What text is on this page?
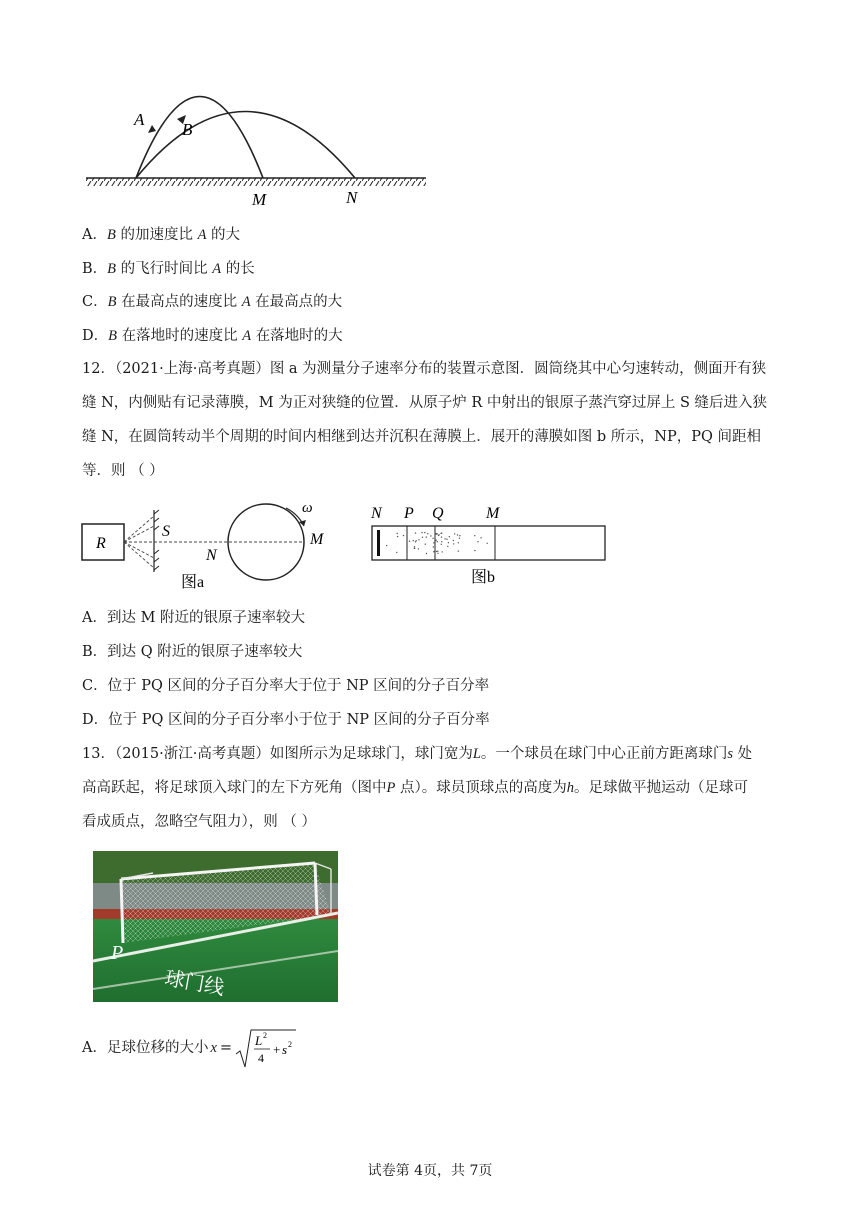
A
B
M	N
A．B 的加速度比 A 的大
B．B 的飞行时间比 A 的长
C．B 在最高点的速度比 A 在最高点的大
D．B 在落地时的速度比 A 在落地时的大
12．（2021·上海·高考真题）图 a 为测量分子速率分布的装置示意图．圆筒绕其中心匀速转动，侧面开有狭
缝 N，内侧贴有记录薄膜，M 为正对狭缝的位置．从原子炉 R 中射出的银原子蒸汽穿过屏上 S 缝后进入狭
缝 N，在圆筒转动半个周期的时间内相继到达并沉积在薄膜上．展开的薄膜如图 b 所示，NP，PQ 间距相
等．则 （ ）
R
S
ω
N
M
图a
N P Q	M
图b
A．到达 M 附近的银原子速率较大
B．到达 Q 附近的银原子速率较大
C．位于 PQ 区间的分子百分率大于位于 NP 区间的分子百分率
D．位于 PQ 区间的分子百分率小于位于 NP 区间的分子百分率
13．（2015·浙江·高考真题）如图所示为足球球门，球门宽为L。一个球员在球门中心正前方距离球门s 处
高高跃起，将足球顶入球门的左下方死角（图中P 点）。球员顶球点的高度为h。足球做平抛运动（足球可
看成质点，忽略空气阻力），则 （ ）
P
球门线
A．足球位移的大小 x = L 2
4
+ s 2
试卷第 4页，共 7页
